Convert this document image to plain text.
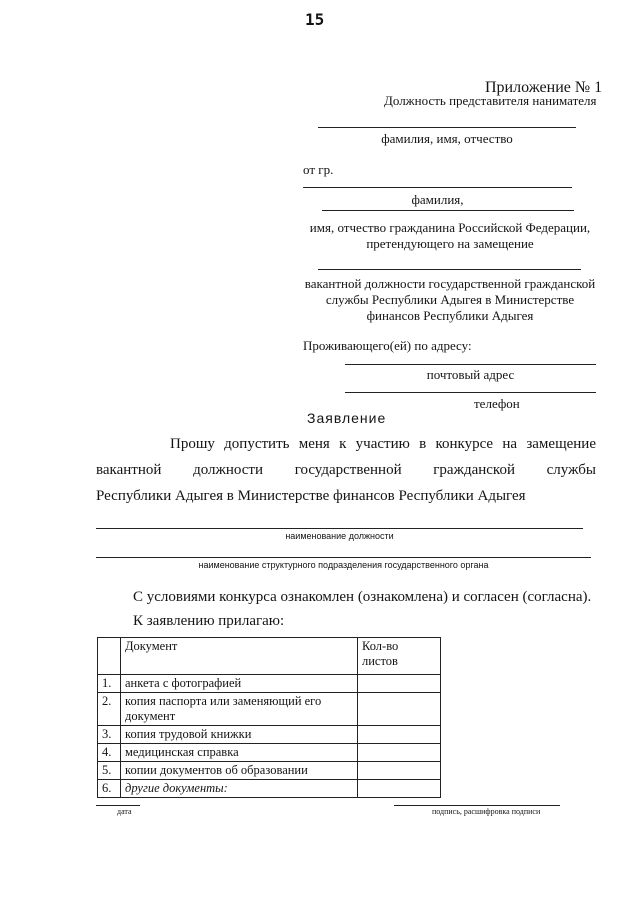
15
Приложение № 1
Должность представителя нанимателя
фамилия, имя, отчество
от гр.
фамилия,
имя, отчество гражданина Российской Федерации, претендующего на замещение
вакантной должности государственной гражданской службы Республики Адыгея в Министерстве финансов Республики Адыгея
Проживающего(ей) по адресу:
почтовый адрес
телефон
Заявление
Прошу допустить меня к участию в конкурсе на замещение
вакантной должности государственной гражданской службы
Республики Адыгея в Министерстве финансов Республики Адыгея
наименование должности
наименование структурного подразделения государственного органа
С условиями конкурса ознакомлен (ознакомлена) и согласен (согласна).
К заявлению прилагаю:
	Документ	Кол-во листов
1.	анкета с фотографией	
2.	копия паспорта или заменяющий его документ	
3.	копия трудовой книжки	
4.	медицинская справка	
5.	копии документов об образовании	
6.	другие документы:	
дата	подпись, расшифровка подписи
